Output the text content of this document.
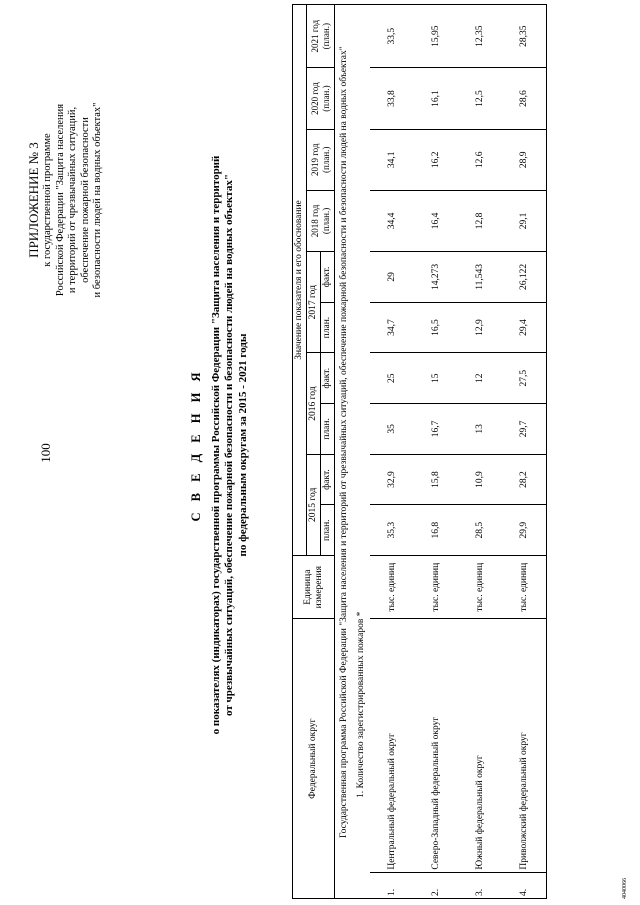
100
ПРИЛОЖЕНИЕ № 3 к государственной программе Российской Федерации "Защита населения и территорий от чрезвычайных ситуаций, обеспечение пожарной безопасности и безопасности людей на водных объектах"
С В Е Д Е Н И Я о показателях (индикаторах) государственной программы Российской Федерации "Защита населения и территорий от чрезвычайных ситуаций, обеспечение пожарной безопасности и безопасности людей на водных объектах" по федеральным округам за 2015 - 2021 годы
Федеральный округ		Единица измерения	Значение показателя и его обоснование									
			2015 год		2016 год		2017 год		2018 год (план.)	2019 год (план.)	2020 год (план.)	2021 год (план.)
			план.	факт.	план.	факт.	план.	факт.				
Государственная программа Российской Федерации "Защита населения и территорий от чрезвычайных ситуаций, обеспечение пожарной безопасности и безопасности людей на водных объектах"												
1. Количество зарегистрированных пожаров *												
1.	Центральный федеральный округ	тыс. единиц	35,3	32,9	35	25	34,7	29	34,4	34,1	33,8	33,5
2.	Северо-Западный федеральный округ	тыс. единиц	16,8	15,8	16,7	15	16,5	14,273	16,4	16,2	16,1	15,95
3.	Южный федеральный округ	тыс. единиц	28,5	10,9	13	12	12,9	11,543	12,8	12,6	12,5	12,35
4.	Приволжский федеральный округ	тыс. единиц	29,9	28,2	29,7	27,5	29,4	26,122	29,1	28,9	28,6	28,35
4040066
